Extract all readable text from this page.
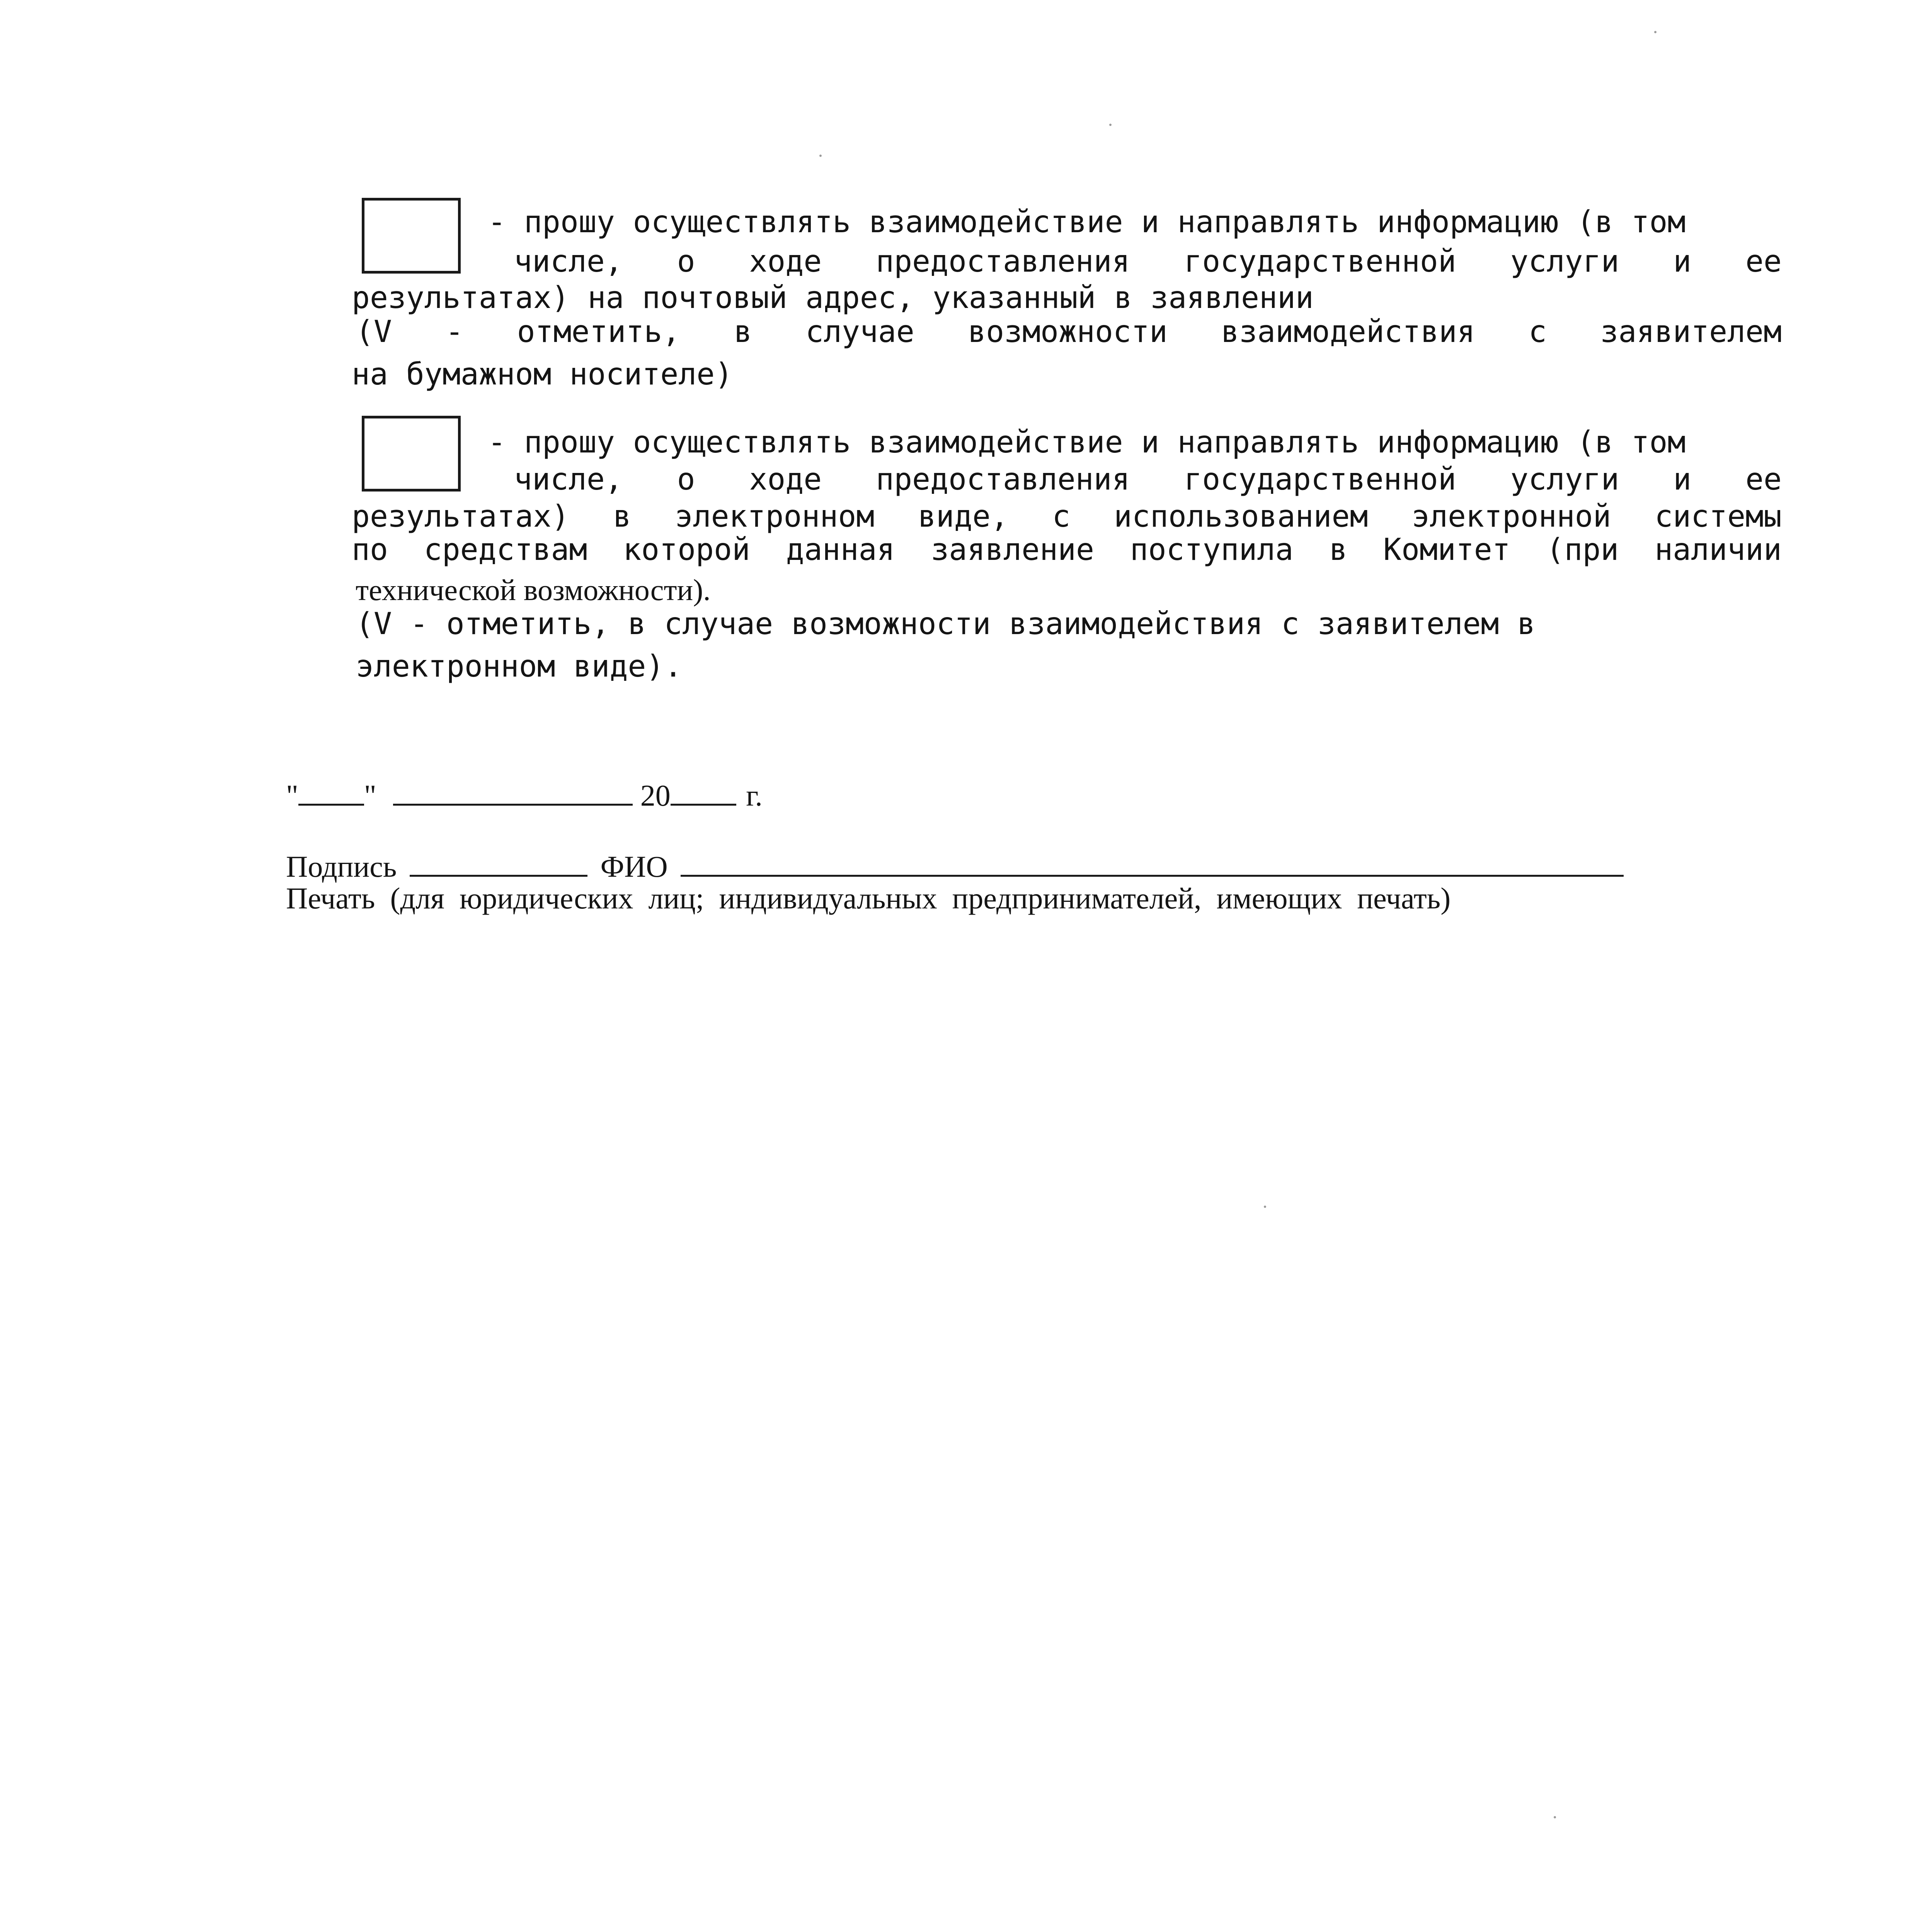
- прошу осуществлять взаимодействие и направлять информацию (в том
числе, о ходе предоставления государственной услуги и ее
результатах) на почтовый адрес, указанный в заявлении
(V - отметить, в случае возможности взаимодействия с заявителем
на бумажном носителе)
- прошу осуществлять взаимодействие и направлять информацию (в том
числе, о ходе предоставления государственной услуги и ее
результатах) в электронном виде, с использованием электронной системы
по средствам которой данная заявление поступила в Комитет (при наличии
технической возможности).
(V - отметить, в случае возможности взаимодействия с заявителем в
электронном виде).
" "	20	г.
Подпись	ФИО
Печать  (для  юридических  лиц;  индивидуальных  предпринимателей,  имеющих  печать)
